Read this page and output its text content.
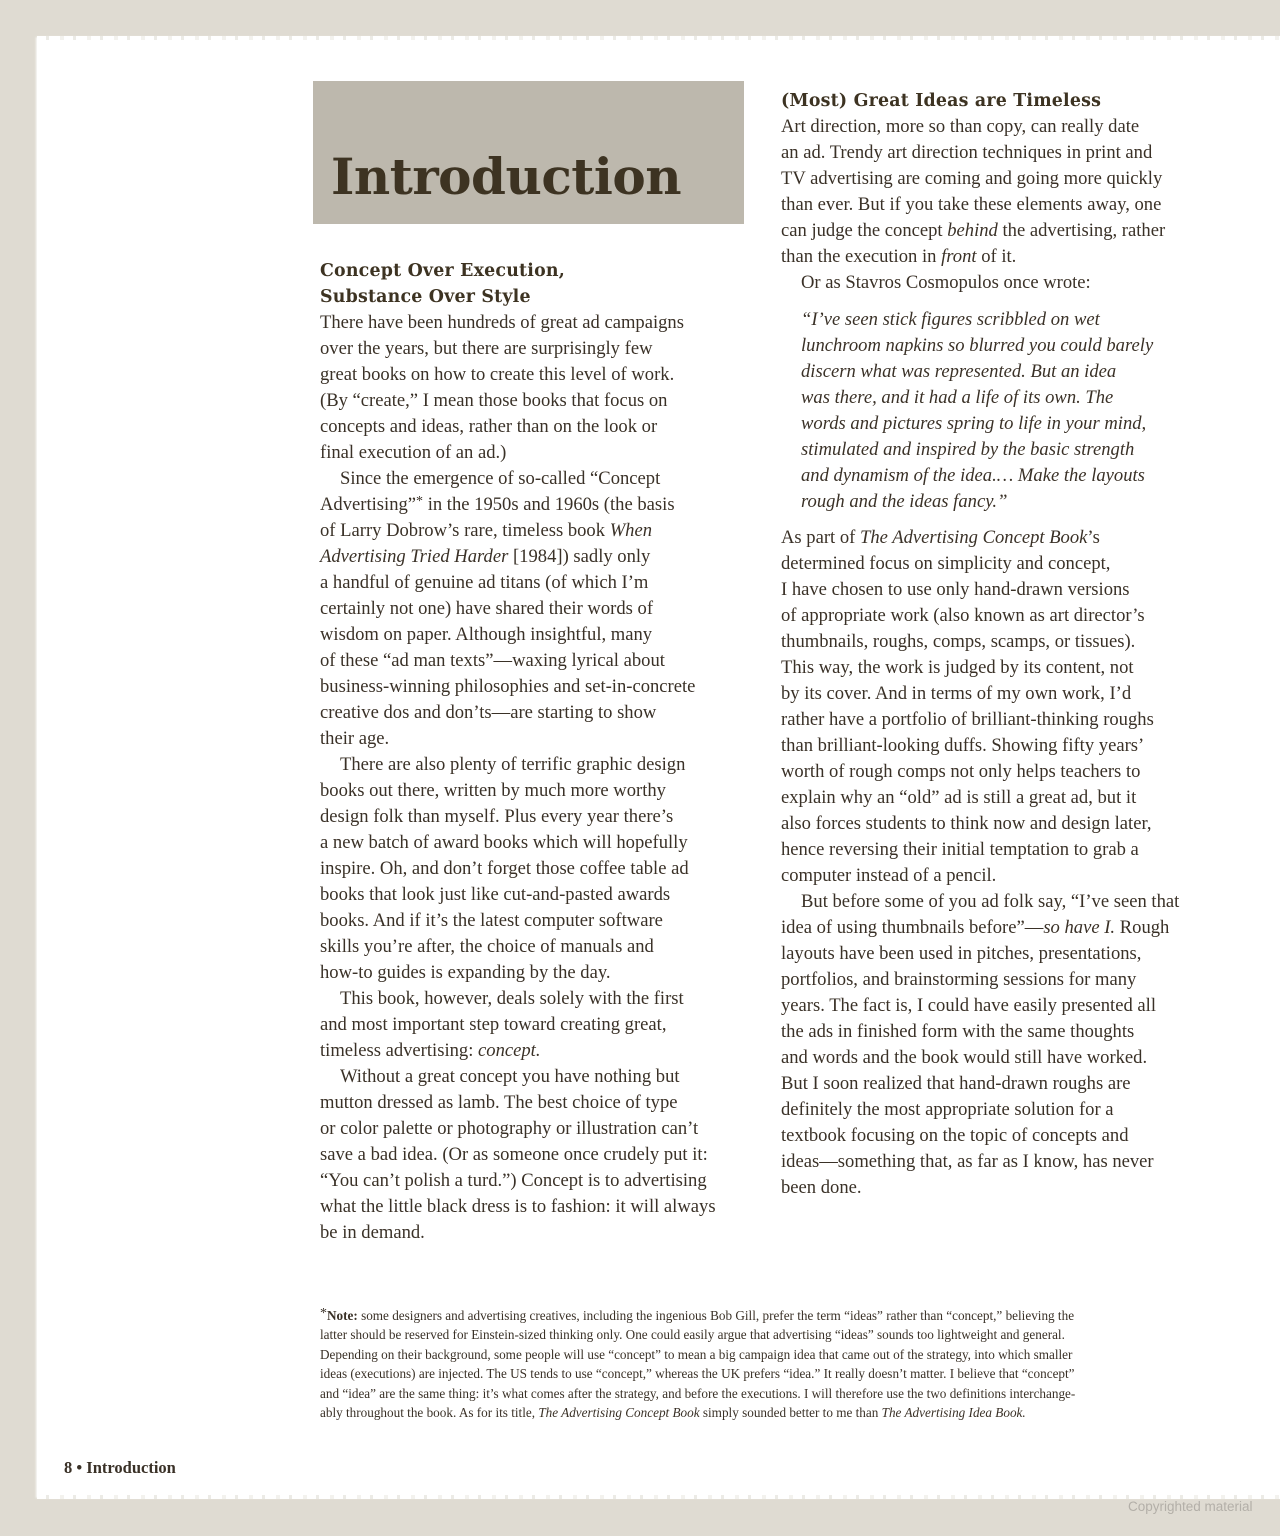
Introduction
Concept Over Execution,
Substance Over Style

There have been hundreds of great ad campaigns
over the years, but there are surprisingly few
great books on how to create this level of work.
(By “create,” I mean those books that focus on
concepts and ideas, rather than on the look or
final execution of an ad.)

Since the emergence of so-called “Concept
Advertising”* in the 1950s and 1960s (the basis
of Larry Dobrow’s rare, timeless book When
Advertising Tried Harder [1984]) sadly only
a handful of genuine ad titans (of which I’m
certainly not one) have shared their words of
wisdom on paper. Although insightful, many
of these “ad man texts”—waxing lyrical about
business-winning philosophies and set-in-concrete
creative dos and don’ts—are starting to show
their age.

There are also plenty of terrific graphic design
books out there, written by much more worthy
design folk than myself. Plus every year there’s
a new batch of award books which will hopefully
inspire. Oh, and don’t forget those coffee table ad
books that look just like cut-and-pasted awards
books. And if it’s the latest computer software
skills you’re after, the choice of manuals and
how-to guides is expanding by the day.

This book, however, deals solely with the first
and most important step toward creating great,
timeless advertising: concept.

Without a great concept you have nothing but
mutton dressed as lamb. The best choice of type
or color palette or photography or illustration can’t
save a bad idea. (Or as someone once crudely put it:
“You can’t polish a turd.”) Concept is to advertising
what the little black dress is to fashion: it will always
be in demand.

(Most) Great Ideas are Timeless

Art direction, more so than copy, can really date
an ad. Trendy art direction techniques in print and
TV advertising are coming and going more quickly
than ever. But if you take these elements away, one
can judge the concept behind the advertising, rather
than the execution in front of it.

Or as Stavros Cosmopulos once wrote:

“I’ve seen stick figures scribbled on wet
lunchroom napkins so blurred you could barely
discern what was represented. But an idea
was there, and it had a life of its own. The
words and pictures spring to life in your mind,
stimulated and inspired by the basic strength
and dynamism of the idea.… Make the layouts
rough and the ideas fancy.”

As part of The Advertising Concept Book’s
determined focus on simplicity and concept,
I have chosen to use only hand-drawn versions
of appropriate work (also known as art director’s
thumbnails, roughs, comps, scamps, or tissues).
This way, the work is judged by its content, not
by its cover. And in terms of my own work, I’d
rather have a portfolio of brilliant-thinking roughs
than brilliant-looking duffs. Showing fifty years’
worth of rough comps not only helps teachers to
explain why an “old” ad is still a great ad, but it
also forces students to think now and design later,
hence reversing their initial temptation to grab a
computer instead of a pencil.

But before some of you ad folk say, “I’ve seen that
idea of using thumbnails before”—so have I. Rough
layouts have been used in pitches, presentations,
portfolios, and brainstorming sessions for many
years. The fact is, I could have easily presented all
the ads in finished form with the same thoughts
and words and the book would still have worked.
But I soon realized that hand-drawn roughs are
definitely the most appropriate solution for a
textbook focusing on the topic of concepts and
ideas—something that, as far as I know, has never
been done.

*Note: some designers and advertising creatives, including the ingenious Bob Gill, prefer the term “ideas” rather than “concept,” believing the
latter should be reserved for Einstein-sized thinking only. One could easily argue that advertising “ideas” sounds too lightweight and general.
Depending on their background, some people will use “concept” to mean a big campaign idea that came out of the strategy, into which smaller
ideas (executions) are injected. The US tends to use “concept,” whereas the UK prefers “idea.” It really doesn’t matter. I believe that “concept”
and “idea” are the same thing: it’s what comes after the strategy, and before the executions. I will therefore use the two definitions interchange-
ably throughout the book. As for its title, The Advertising Concept Book simply sounded better to me than The Advertising Idea Book.
8 • Introduction
Copyrighted material
